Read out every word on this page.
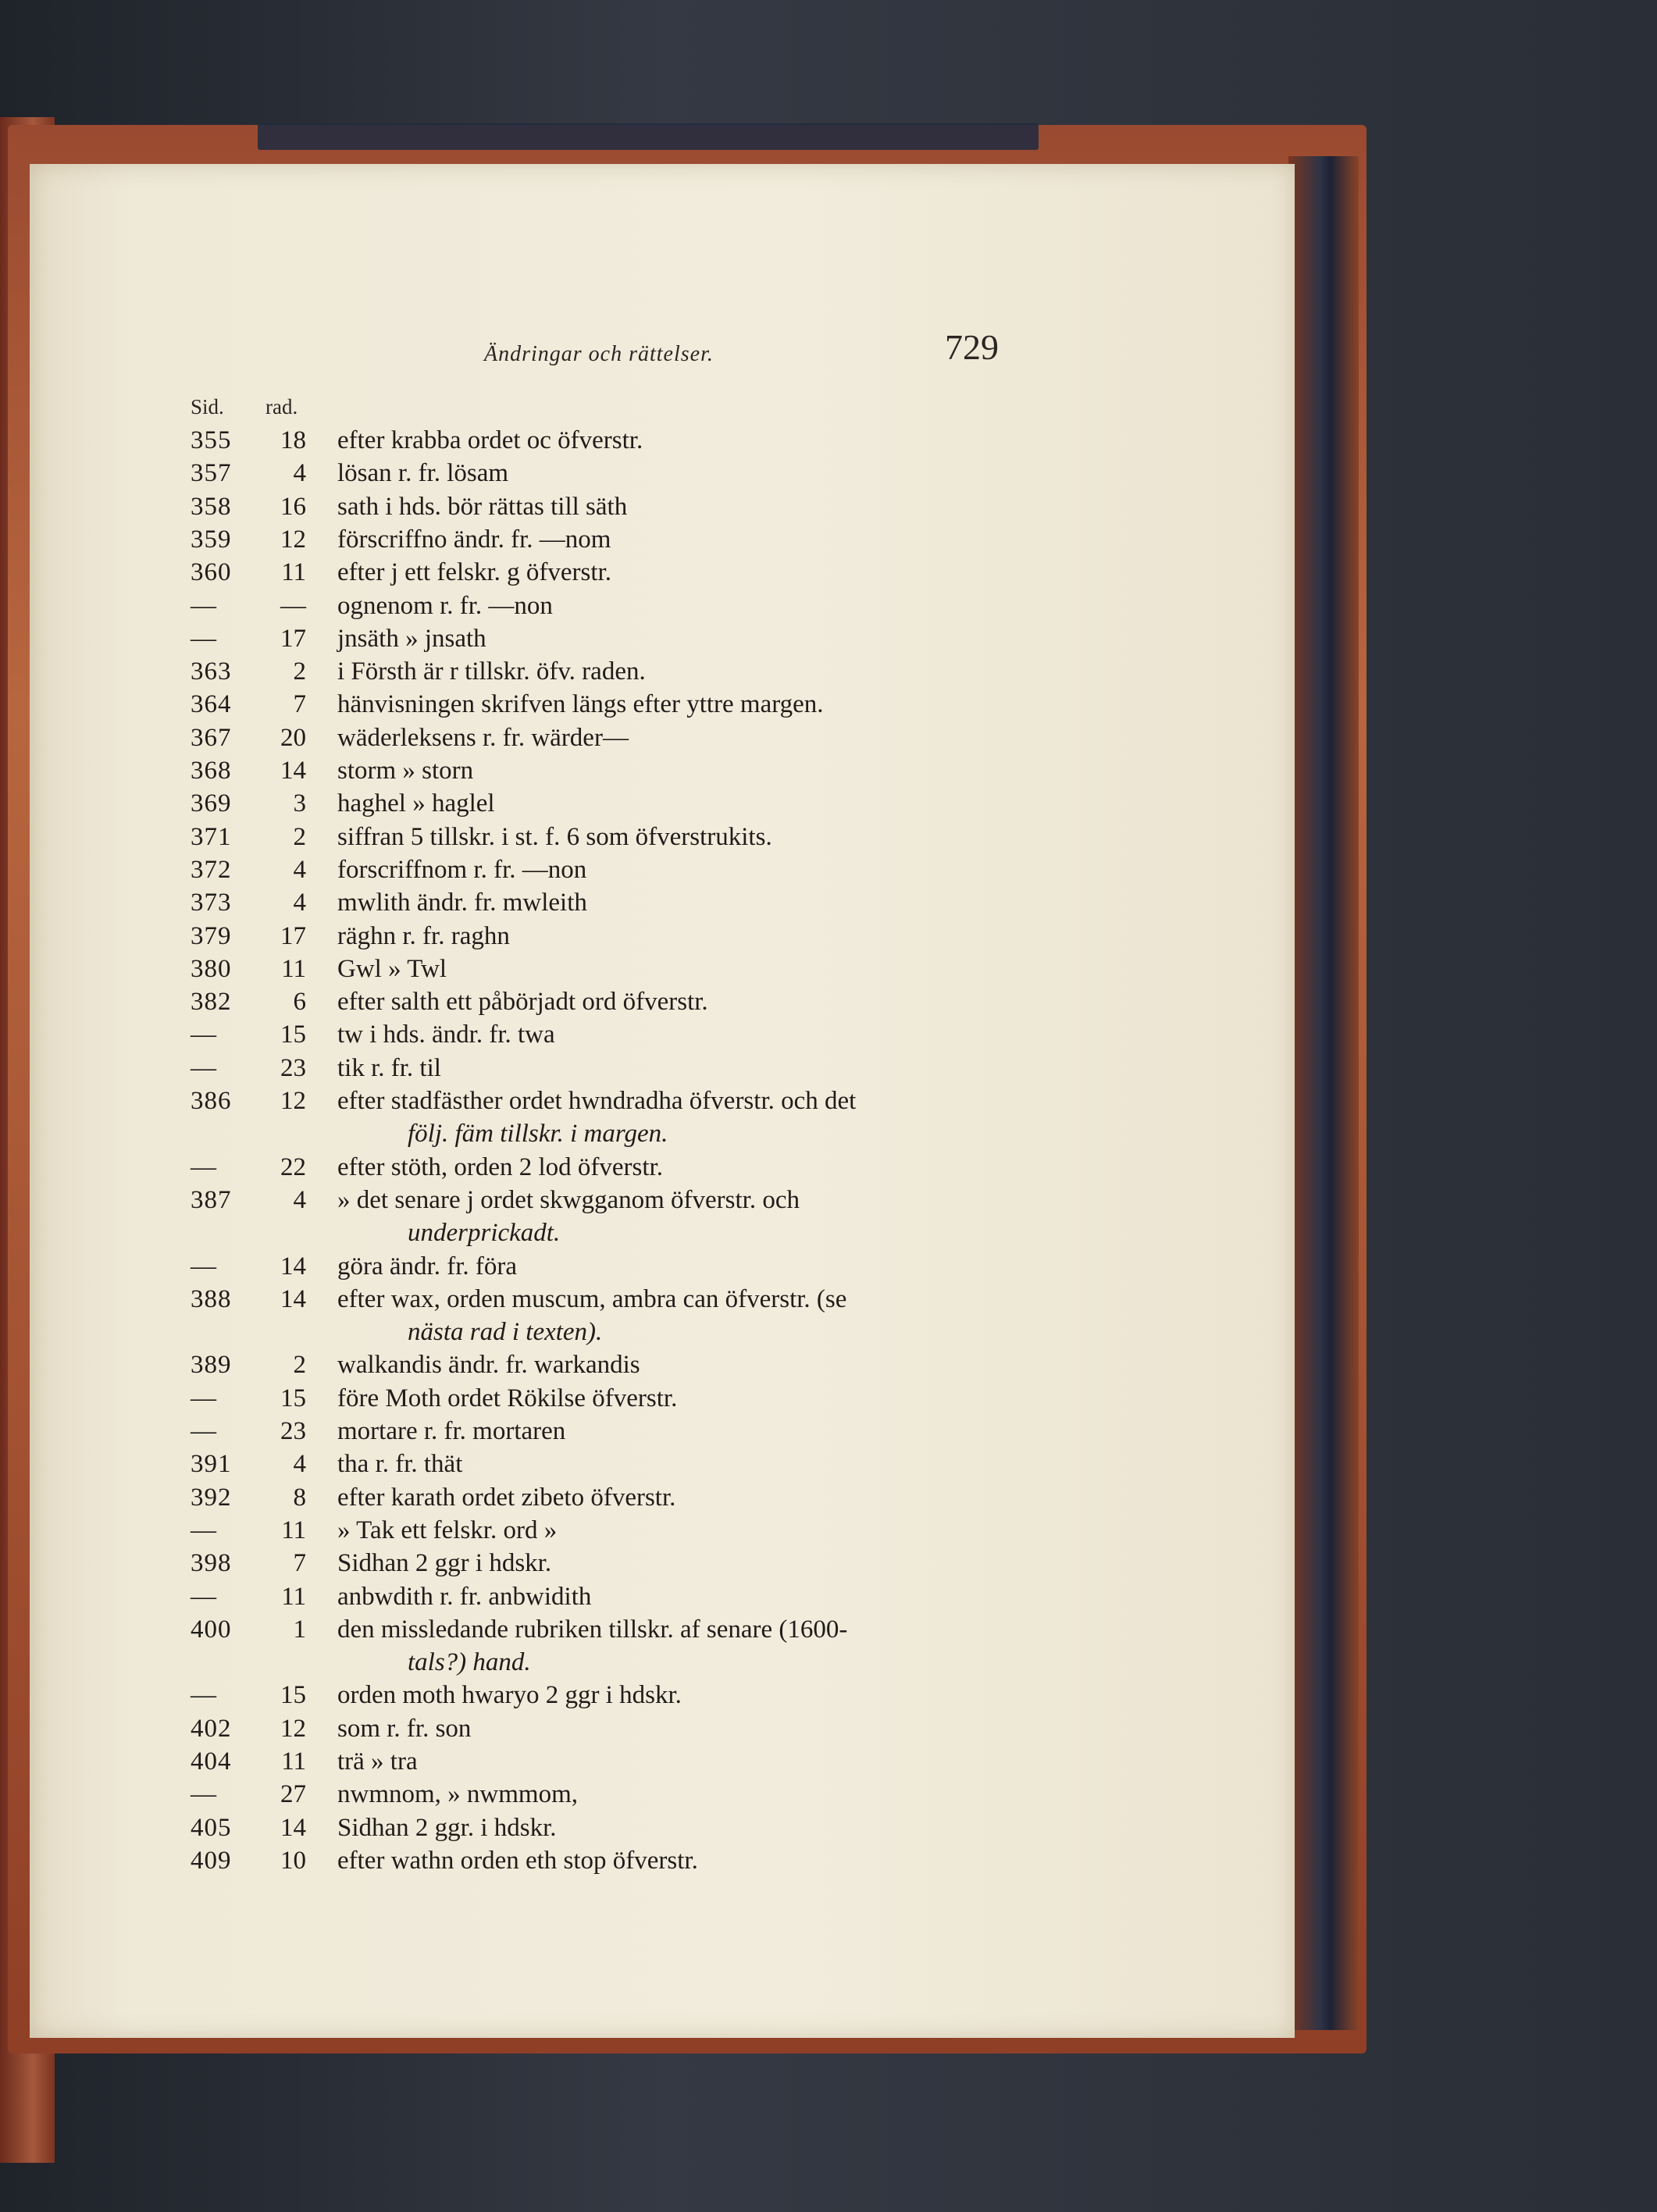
Ändringar och rättelser.	729
Sid. rad.
355	18 efter krabba ordet oc öfverstr.
357	4 lösan r. fr. lösam
358	16 sath i hds. bör rättas till säth
359	12 förscriffno ändr. fr. —nom
360	11 efter j ett felskr. g öfverstr.
—	— ognenom r. fr. —non
—	17 jnsäth » jnsath
363	2 i Försth är r tillskr. öfv. raden.
364	7 hänvisningen skrifven längs efter yttre margen.
367	20 wäderleksens r. fr. wärder—
368	14 storm » storn
369	3 haghel » haglel
371	2 siffran 5 tillskr. i st. f. 6 som öfverstrukits.
372	4 forscriffnom r. fr. —non
373	4 mwlith ändr. fr. mwleith
379	17 räghn r. fr. raghn
380	11 Gwl » Twl
382	6 efter salth ett påbörjadt ord öfverstr.
—	15 tw i hds. ändr. fr. twa
—	23 tik r. fr. til
386	12 efter stadfästher ordet hwndradha öfverstr. och det
följ. fäm tillskr. i margen.
—	22 efter stöth, orden 2 lod öfverstr.
387	4 » det senare j ordet skwgganom öfverstr. och
underprickadt.
—	14 göra ändr. fr. föra
388	14 efter wax, orden muscum, ambra can öfverstr. (se
nästa rad i texten).
389	2 walkandis ändr. fr. warkandis
—	15 före Moth ordet Rökilse öfverstr.
—	23 mortare r. fr. mortaren
391	4 tha r. fr. thät
392	8 efter karath ordet zibeto öfverstr.
—	11 » Tak ett felskr. ord »
398	7 Sidhan 2 ggr i hdskr.
—	11 anbwdith r. fr. anbwidith
400	1 den missledande rubriken tillskr. af senare (1600-
tals?) hand.
—	15 orden moth hwaryo 2 ggr i hdskr.
402	12 som r. fr. son
404	11 trä » tra
—	27 nwmnom, » nwmmom,
405	14 Sidhan 2 ggr. i hdskr.
409	10 efter wathn orden eth stop öfverstr.
